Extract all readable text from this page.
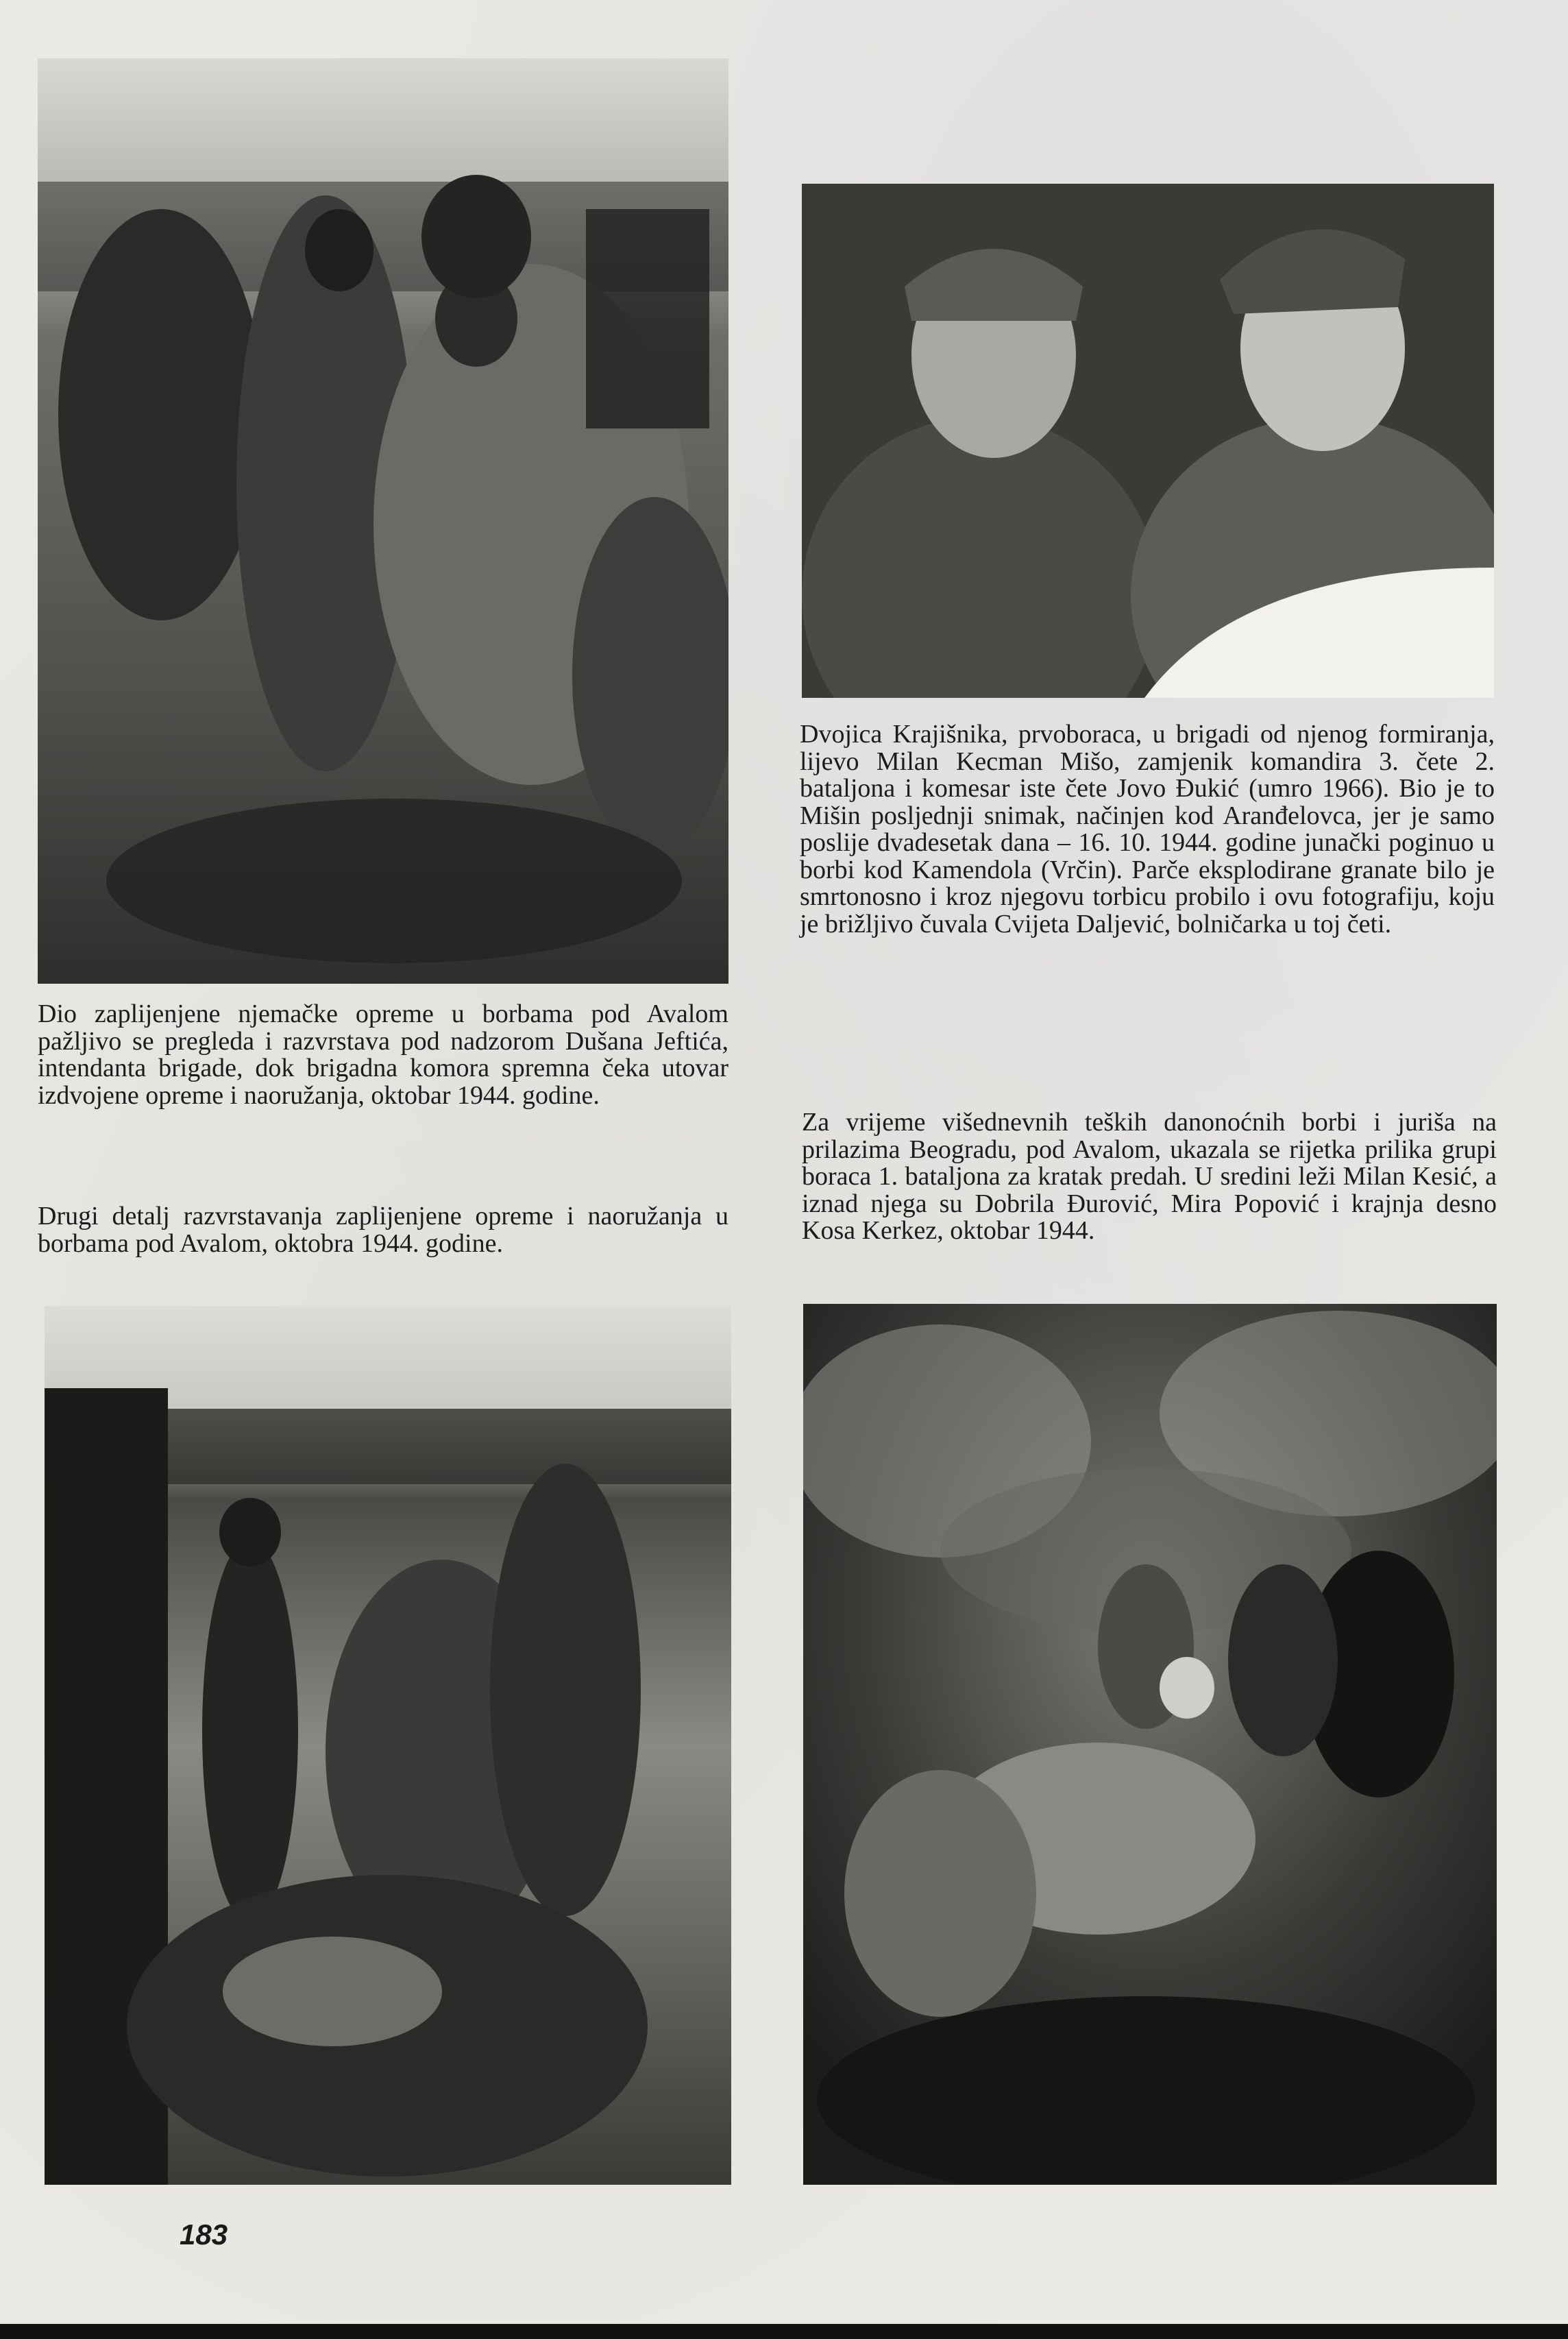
Dvojica Krajišnika, prvoboraca, u brigadi od njenog formiranja, lijevo Milan Kecman Mišo, zamjenik komandira 3. čete 2. bataljona i komesar iste čete Jovo Đukić (umro 1966). Bio je to Mišin posljednji snimak, načinjen kod Aranđelovca, jer je samo poslije dvadesetak dana – 16. 10. 1944. godine junački poginuo u borbi kod Kamendola (Vrčin). Parče eksplodirane granate bilo je smrtonosno i kroz njegovu torbicu probilo i ovu fotografiju, koju je brižljivo čuvala Cvijeta Daljević, bolničarka u toj četi.

Dio zaplijenjene njemačke opreme u borbama pod Avalom pažljivo se pregleda i razvrstava pod nadzorom Dušana Jeftića, intendanta brigade, dok brigadna komora spremna čeka utovar izdvojene opreme i naoružanja, oktobar 1944. godine.

Za vrijeme višednevnih teških danonoćnih borbi i juriša na prilazima Beogradu, pod Avalom, ukazala se rijetka prilika grupi boraca 1. bataljona za kratak predah. U sredini leži Milan Kesić, a iznad njega su Dobrila Đurović, Mira Popović i krajnja desno Kosa Kerkez, oktobar 1944.

Drugi detalj razvrstavanja zaplijenjene opreme i naoružanja u borbama pod Avalom, oktobra 1944. godine.

183
